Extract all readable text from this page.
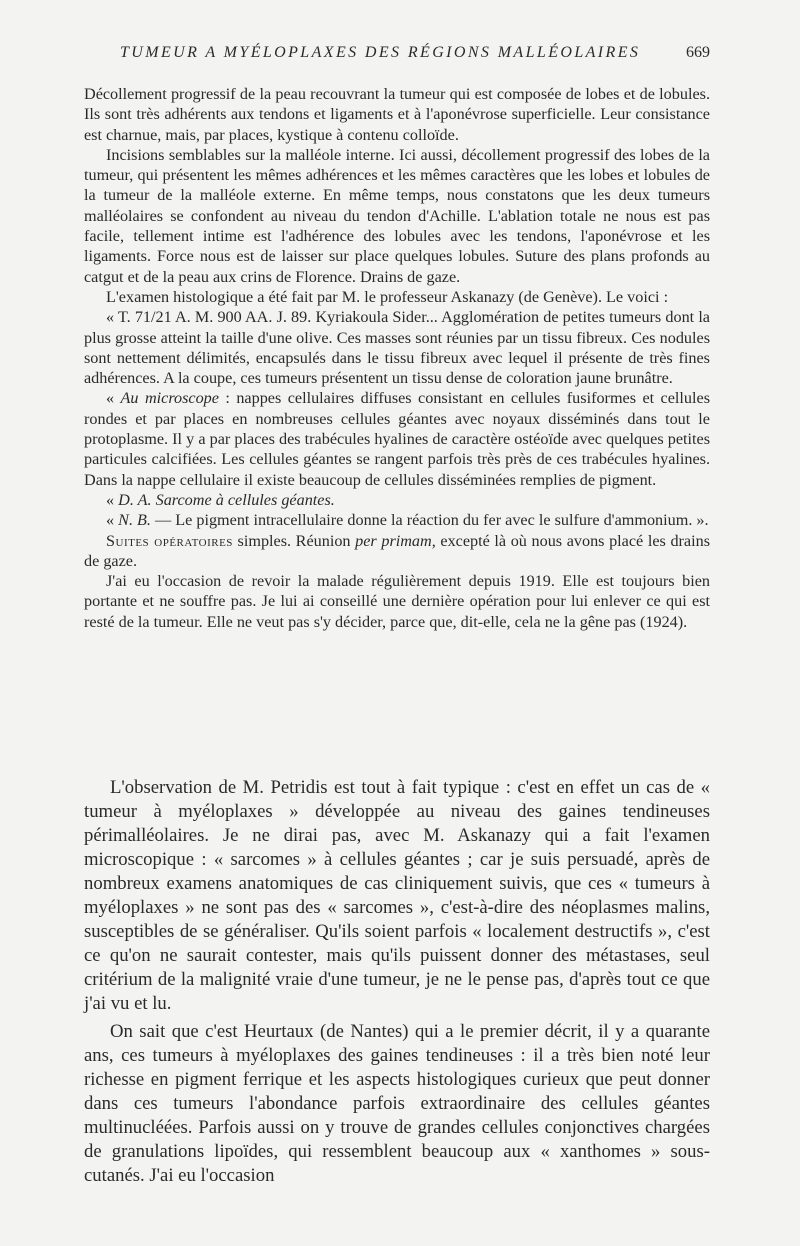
TUMEUR A MYÉLOPLAXES DES RÉGIONS MALLÉOLAIRES	669

Décollement progressif de la peau recouvrant la tumeur qui est composée de lobes et de lobules. Ils sont très adhérents aux tendons et ligaments et à l'aponévrose superficielle. Leur consistance est charnue, mais, par places, kystique à contenu colloïde.

Incisions semblables sur la malléole interne. Ici aussi, décollement progressif des lobes de la tumeur, qui présentent les mêmes adhérences et les mêmes caractères que les lobes et lobules de la tumeur de la malléole externe. En même temps, nous constatons que les deux tumeurs malléolaires se confondent au niveau du tendon d'Achille. L'ablation totale ne nous est pas facile, tellement intime est l'adhérence des lobules avec les tendons, l'aponévrose et les ligaments. Force nous est de laisser sur place quelques lobules. Suture des plans profonds au catgut et de la peau aux crins de Florence. Drains de gaze.

L'examen histologique a été fait par M. le professeur Askanazy (de Genève). Le voici :

« T. 71/21 A. M. 900 AA. J. 89. Kyriakoula Sider... Agglomération de petites tumeurs dont la plus grosse atteint la taille d'une olive. Ces masses sont réunies par un tissu fibreux. Ces nodules sont nettement délimités, encapsulés dans le tissu fibreux avec lequel il présente de très fines adhérences. A la coupe, ces tumeurs présentent un tissu dense de coloration jaune brunâtre.

« Au microscope : nappes cellulaires diffuses consistant en cellules fusiformes et cellules rondes et par places en nombreuses cellules géantes avec noyaux disséminés dans tout le protoplasme. Il y a par places des trabécules hyalines de caractère ostéoïde avec quelques petites particules calcifiées. Les cellules géantes se rangent parfois très près de ces trabécules hyalines. Dans la nappe cellulaire il existe beaucoup de cellules disséminées remplies de pigment.

« D. A. Sarcome à cellules géantes.

« N. B. — Le pigment intracellulaire donne la réaction du fer avec le sulfure d'ammonium. ».

Suites opératoires simples. Réunion per primam, excepté là où nous avons placé les drains de gaze.

J'ai eu l'occasion de revoir la malade régulièrement depuis 1919. Elle est toujours bien portante et ne souffre pas. Je lui ai conseillé une dernière opération pour lui enlever ce qui est resté de la tumeur. Elle ne veut pas s'y décider, parce que, dit-elle, cela ne la gêne pas (1924).

L'observation de M. Petridis est tout à fait typique : c'est en effet un cas de « tumeur à myéloplaxes » développée au niveau des gaines tendineuses périmalléolaires. Je ne dirai pas, avec M. Askanazy qui a fait l'examen microscopique : « sarcomes » à cellules géantes ; car je suis persuadé, après de nombreux examens anatomiques de cas cliniquement suivis, que ces « tumeurs à myéloplaxes » ne sont pas des « sarcomes », c'est-à-dire des néoplasmes malins, susceptibles de se généraliser. Qu'ils soient parfois « localement destructifs », c'est ce qu'on ne saurait contester, mais qu'ils puissent donner des métastases, seul critérium de la malignité vraie d'une tumeur, je ne le pense pas, d'après tout ce que j'ai vu et lu.

On sait que c'est Heurtaux (de Nantes) qui a le premier décrit, il y a quarante ans, ces tumeurs à myéloplaxes des gaines tendineuses : il a très bien noté leur richesse en pigment ferrique et les aspects histologiques curieux que peut donner dans ces tumeurs l'abondance parfois extraordinaire des cellules géantes multinucléées. Parfois aussi on y trouve de grandes cellules conjonctives chargées de granulations lipoïdes, qui ressemblent beaucoup aux « xanthomes » sous-cutanés. J'ai eu l'occasion
